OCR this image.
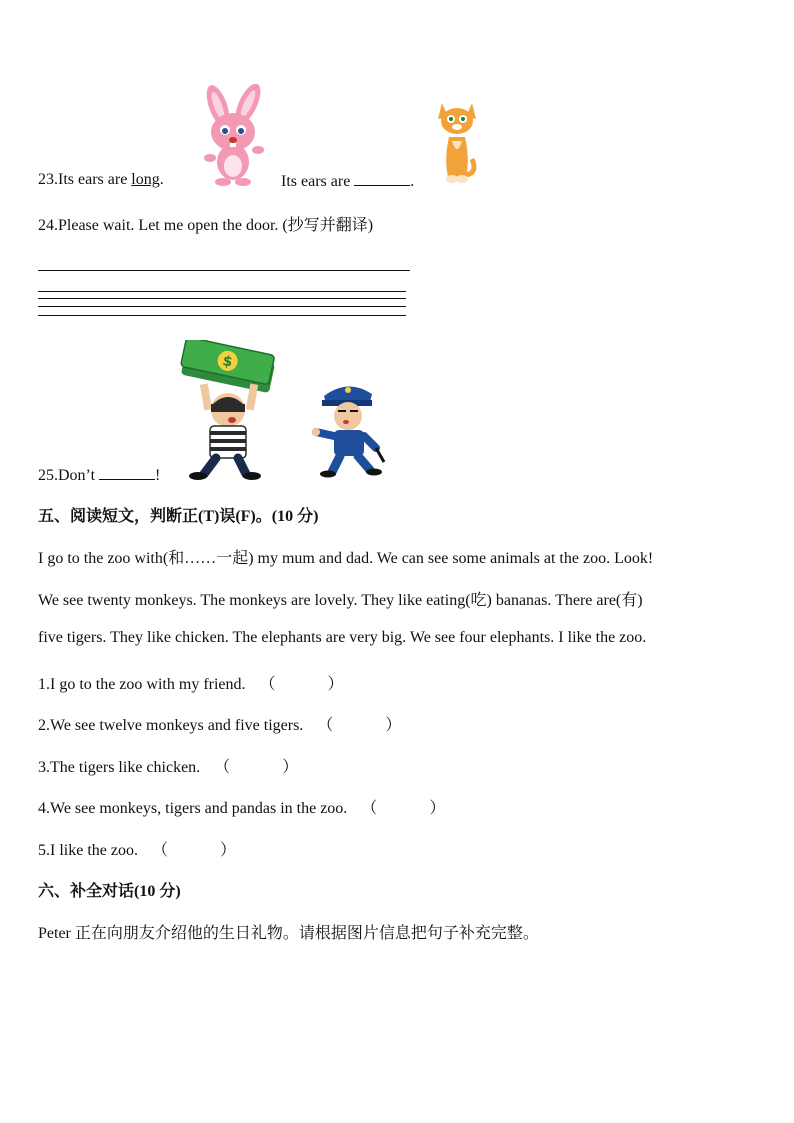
23.Its ears are long.	Its ears are	.
24.Please wait. Let me open the door. (抄写并翻译)
$
25.Don’t	!
五、阅读短文，判断正(T)误(F)。(10 分)
I go to the zoo with(和……一起) my mum and dad. We can see some animals at the zoo. Look!
We see twenty monkeys. The monkeys are lovely. They like eating(吃) bananas. There are(有)
five tigers. They like chicken. The elephants are very big. We see four elephants. I like the zoo.
1.I go to the zoo with my friend. （	）
2.We see twelve monkeys and five tigers. （	）
3.The tigers like chicken. （	）
4.We see monkeys, tigers and pandas in the zoo. （	）
5.I like the zoo. （	）
六、补全对话(10 分)
Peter 正在向朋友介绍他的生日礼物。请根据图片信息把句子补充完整。
